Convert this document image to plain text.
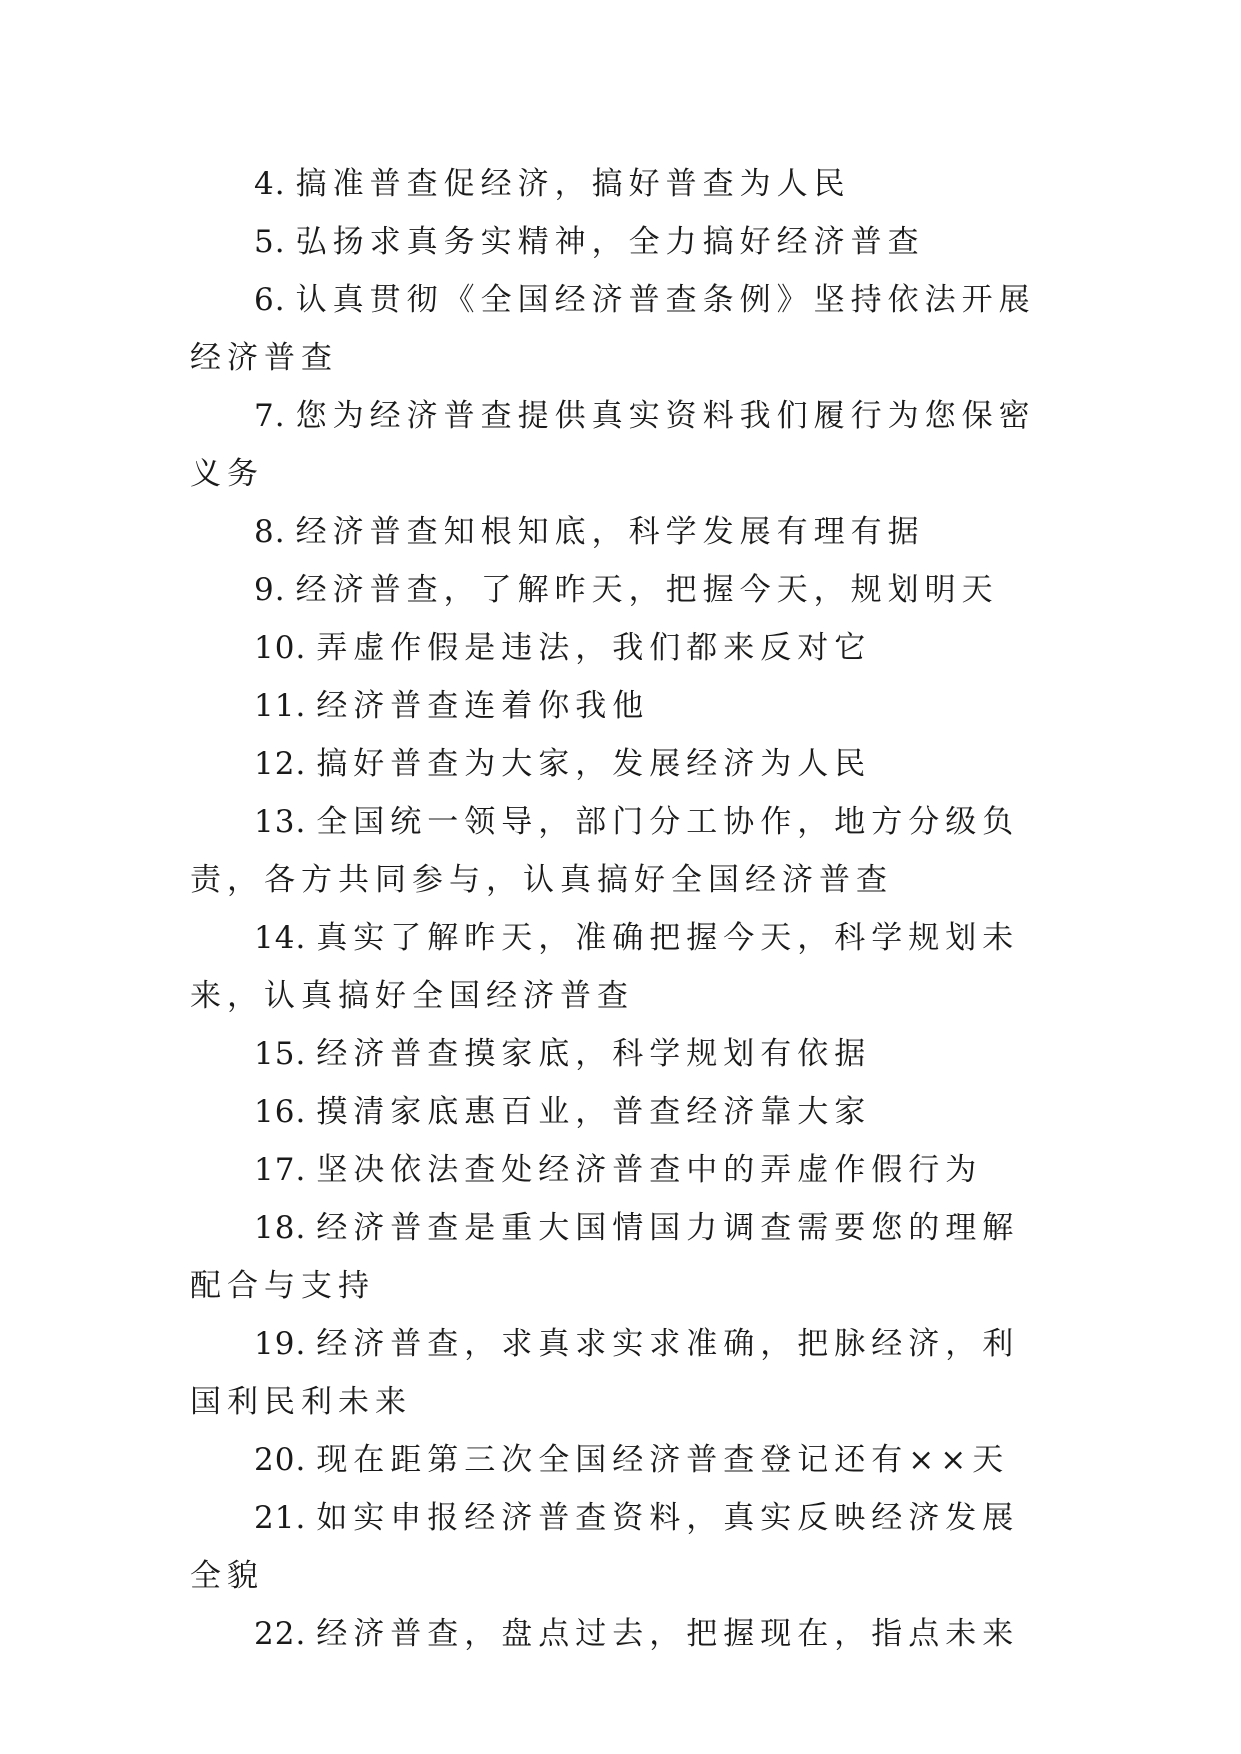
4. 搞准普查促经济，搞好普查为人民

5. 弘扬求真务实精神，全力搞好经济普查

6. 认真贯彻《全国经济普查条例》坚持依法开展经济普查

7. 您为经济普查提供真实资料我们履行为您保密义务

8. 经济普查知根知底，科学发展有理有据

9. 经济普查，了解昨天，把握今天，规划明天

10. 弄虚作假是违法，我们都来反对它

11. 经济普查连着你我他

12. 搞好普查为大家，发展经济为人民

13. 全国统一领导，部门分工协作，地方分级负责，各方共同参与，认真搞好全国经济普查

14. 真实了解昨天，准确把握今天，科学规划未来，认真搞好全国经济普查

15. 经济普查摸家底，科学规划有依据

16. 摸清家底惠百业，普查经济靠大家

17. 坚决依法查处经济普查中的弄虚作假行为

18. 经济普查是重大国情国力调查需要您的理解配合与支持

19. 经济普查，求真求实求准确，把脉经济，利国利民利未来

20. 现在距第三次全国经济普查登记还有××天

21. 如实申报经济普查资料，真实反映经济发展全貌

22. 经济普查，盘点过去，把握现在，指点未来
